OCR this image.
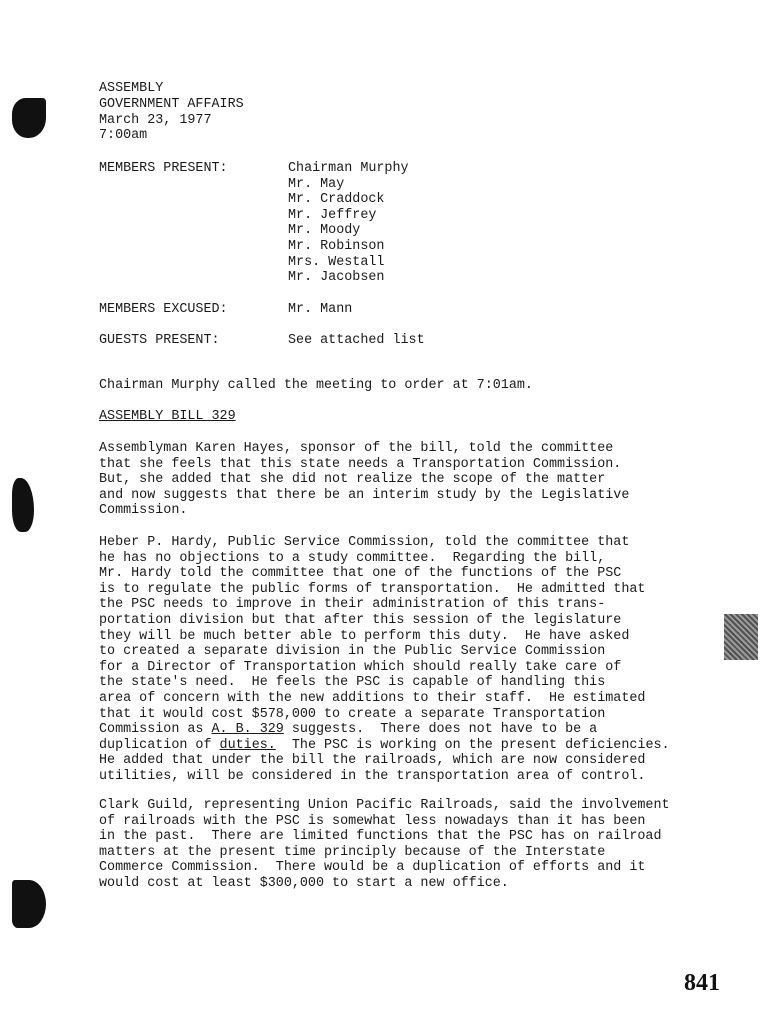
ASSEMBLY
GOVERNMENT AFFAIRS
March 23, 1977
7:00am
MEMBERS PRESENT:	Chairman Murphy
Mr. May
Mr. Craddock
Mr. Jeffrey
Mr. Moody
Mr. Robinson
Mrs. Westall
Mr. Jacobsen
MEMBERS EXCUSED:	Mr. Mann
GUESTS PRESENT:	See attached list
Chairman Murphy called the meeting to order at 7:01am.
ASSEMBLY BILL 329
Assemblyman Karen Hayes, sponsor of the bill, told the committee
that she feels that this state needs a Transportation Commission.
But, she added that she did not realize the scope of the matter
and now suggests that there be an interim study by the Legislative
Commission.
Heber P. Hardy, Public Service Commission, told the committee that
he has no objections to a study committee.  Regarding the bill,
Mr. Hardy told the committee that one of the functions of the PSC
is to regulate the public forms of transportation.  He admitted that
the PSC needs to improve in their administration of this trans-
portation division but that after this session of the legislature
they will be much better able to perform this duty.  He have asked
to created a separate division in the Public Service Commission
for a Director of Transportation which should really take care of
the state's need.  He feels the PSC is capable of handling this
area of concern with the new additions to their staff.  He estimated
that it would cost $578,000 to create a separate Transportation
Commission as A. B. 329 suggests.  There does not have to be a
duplication of duties.  The PSC is working on the present deficiencies.
He added that under the bill the railroads, which are now considered
utilities, will be considered in the transportation area of control.
Clark Guild, representing Union Pacific Railroads, said the involvement
of railroads with the PSC is somewhat less nowadays than it has been
in the past.  There are limited functions that the PSC has on railroad
matters at the present time principly because of the Interstate
Commerce Commission.  There would be a duplication of efforts and it
would cost at least $300,000 to start a new office.
841
